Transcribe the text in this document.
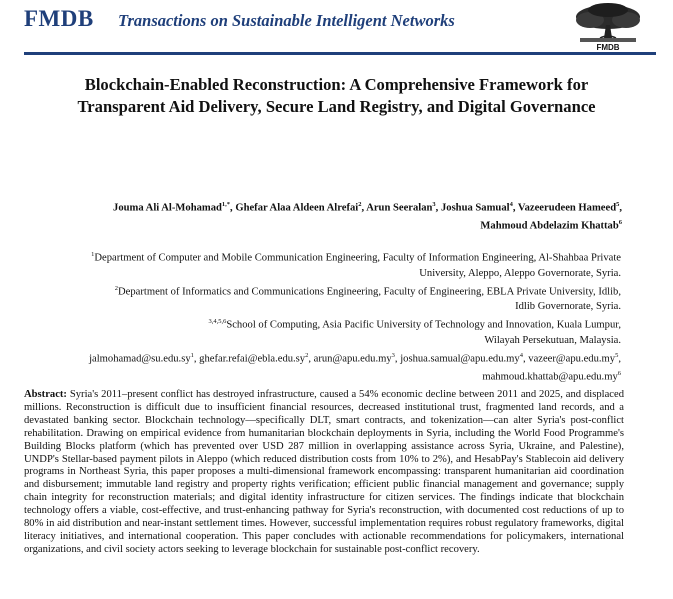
FMDB Transactions on Sustainable Intelligent Networks
FMDB
Blockchain-Enabled Reconstruction: A Comprehensive Framework for
Transparent Aid Delivery, Secure Land Registry, and Digital Governance
Jouma Ali Al-Mohamad$^{1,*}$, Ghefar Alaa Aldeen Alrefai$^2$, Arun Seeralan$^3$, Joshua Samual$^4$, Vazeerudeen Hameed$^5$,
Mahmoud Abdelazim Khattab$^6$

$^1$Department of Computer and Mobile Communication Engineering, Faculty of Information Engineering, Al-Shahbaa Private

University, Aleppo, Aleppo Governorate, Syria.

$^2$Department of Informatics and Communications Engineering, Faculty of Engineering, EBLA Private University, Idlib,

Idlib Governorate, Syria.

$^{3,4,5,6}$School of Computing, Asia Pacific University of Technology and Innovation, Kuala Lumpur,

Wilayah Persekutuan, Malaysia.

$jalmohamad@su.edu.sy^1$, $ghefar.refai@ebla.edu.sy^2$, $arun@apu.edu.my^3$, $joshua.samual@apu.edu.my^4$, $vazeer@apu.edu.my^5$,

$mahmoud.khattab@apu.edu.my^6$

Abstract: Syria's 2011–present conflict has destroyed infrastructure, caused a 54% economic decline between 2011 and 2025, and displaced millions. Reconstruction is difficult due to insufficient financial resources, decreased institutional trust, fragmented land records, and a devastated banking sector. Blockchain technology—specifically DLT, smart contracts, and tokenization—can alter Syria's post-conflict rehabilitation. Drawing on empirical evidence from humanitarian blockchain deployments in Syria, including the World Food Programme's Building Blocks platform (which has prevented over USD 287 million in overlapping assistance across Syria, Ukraine, and Palestine), UNDP's Stellar-based payment pilots in Aleppo (which reduced distribution costs from 10% to 2%), and HesabPay's Stablecoin aid delivery programs in Northeast Syria, this paper proposes a multi-dimensional framework encompassing: transparent humanitarian aid coordination and disbursement; immutable land registry and property rights verification; efficient public financial management and governance; supply chain integrity for reconstruction materials; and digital identity infrastructure for citizen services. The findings indicate that blockchain technology offers a viable, cost-effective, and trust-enhancing pathway for Syria's reconstruction, with documented cost reductions of up to 80% in aid distribution and near-instant settlement times. However, successful implementation requires robust regulatory frameworks, digital literacy initiatives, and international cooperation. This paper concludes with actionable recommendations for policymakers, international organizations, and civil society actors seeking to leverage blockchain for sustainable post-conflict recovery.
